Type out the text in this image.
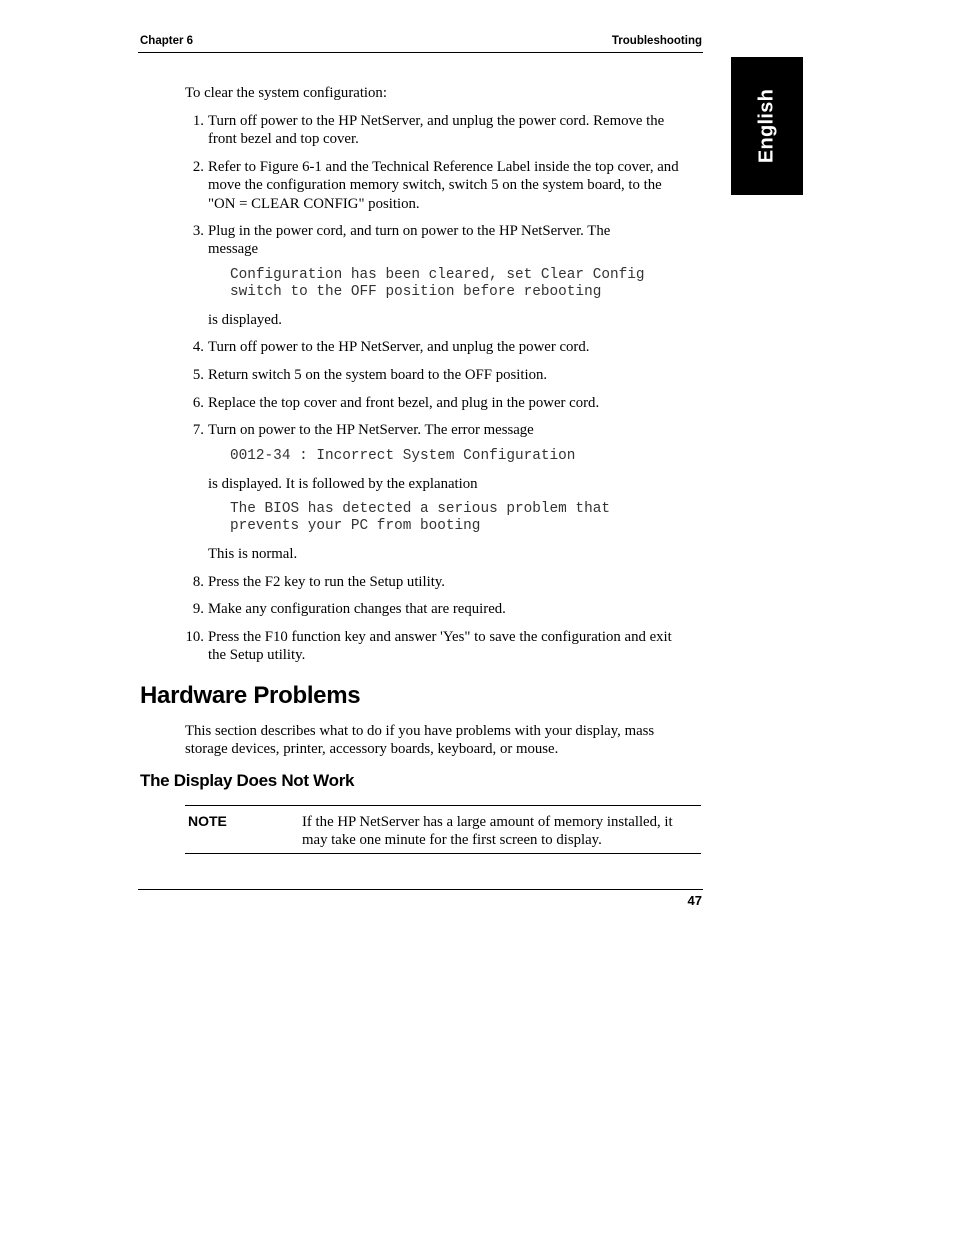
Chapter 6	Troubleshooting
English

To clear the system configuration:

1. Turn off power to the HP NetServer, and unplug the power cord. Remove the front bezel and top cover.
2. Refer to Figure 6-1 and the Technical Reference Label inside the top cover, and move the configuration memory switch, switch 5 on the system board, to the "ON = CLEAR CONFIG" position.
3. Plug in the power cord, and turn on power to the HP NetServer. The message
Configuration has been cleared, set Clear Config
switch to the OFF position before rebooting

is displayed.

4. Turn off power to the HP NetServer, and unplug the power cord.
5. Return switch 5 on the system board to the OFF position.
6. Replace the top cover and front bezel, and plug in the power cord.
7. Turn on power to the HP NetServer. The error message
0012-34 : Incorrect System Configuration

is displayed. It is followed by the explanation

The BIOS has detected a serious problem that
prevents your PC from booting

This is normal.

8. Press the F2 key to run the Setup utility.
9. Make any configuration changes that are required.
10. Press the F10 function key and answer 'Yes" to save the configuration and exit the Setup utility.
Hardware Problems

This section describes what to do if you have problems with your display, mass storage devices, printer, accessory boards, keyboard, or mouse.

The Display Does Not Work
NOTE	If the HP NetServer has a large amount of memory installed, it may take one minute for the first screen to display.
47
